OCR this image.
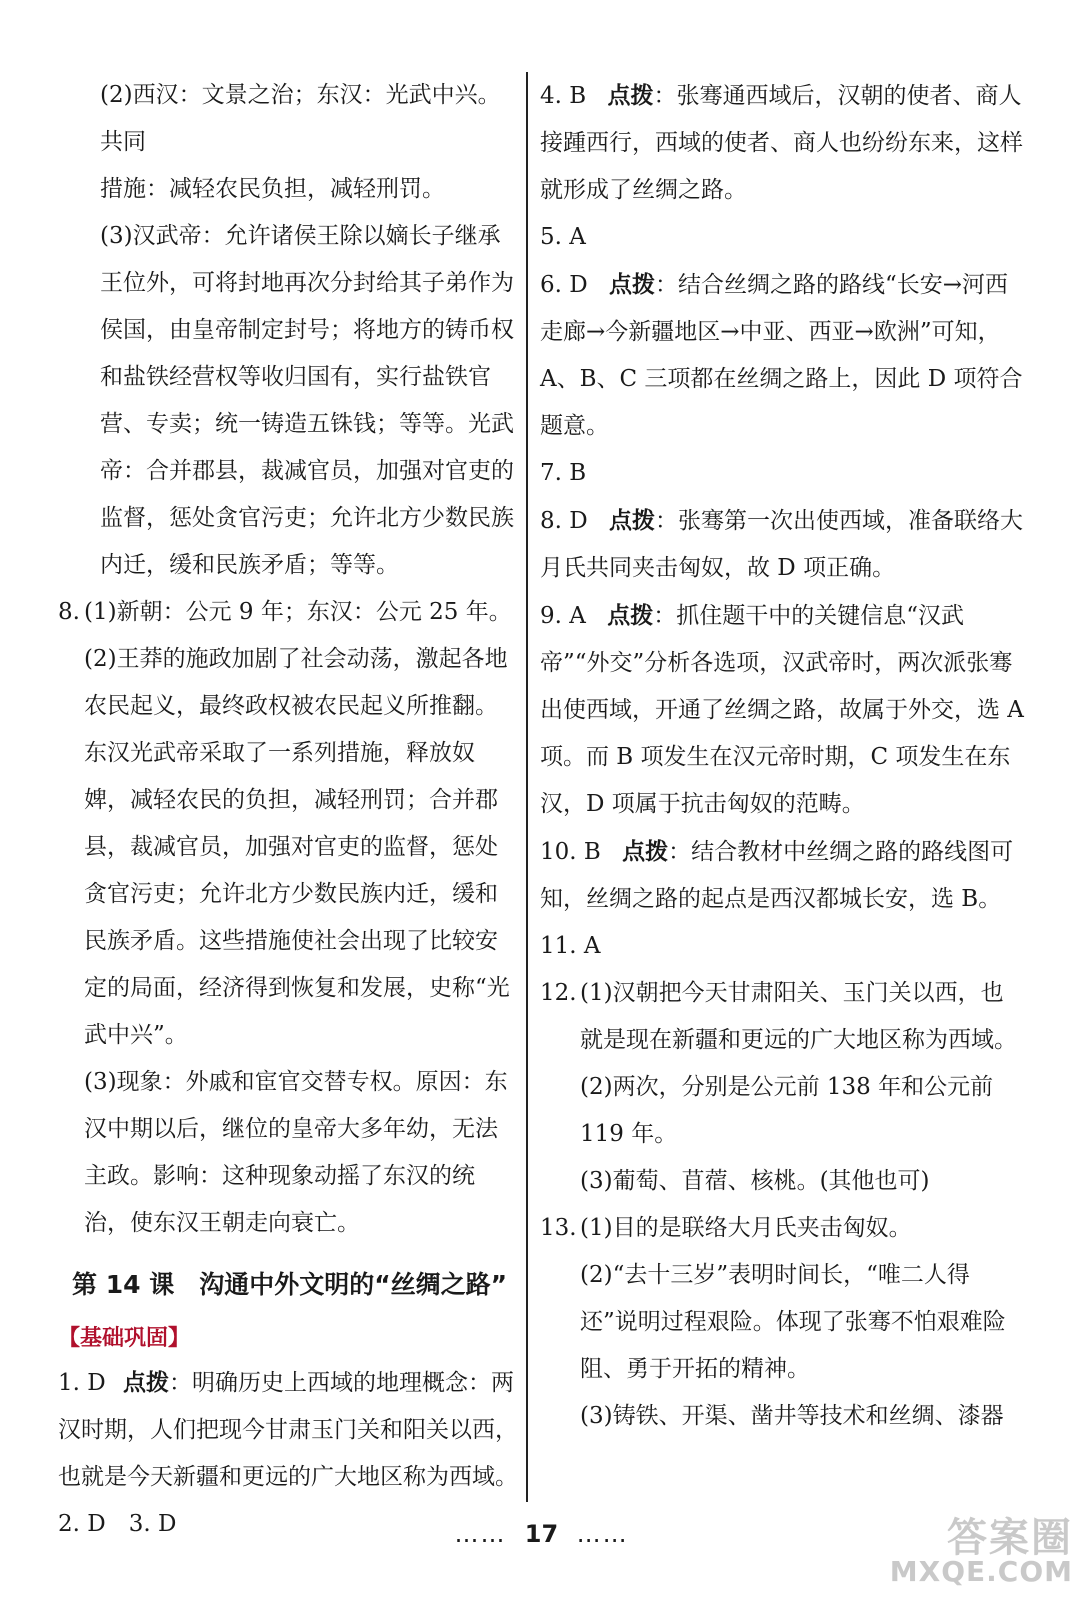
(2)西汉：文景之治；东汉：光武中兴。共同
措施：减轻农民负担，减轻刑罚。
(3)汉武帝：允许诸侯王除以嫡长子继承王位外，可将封地再次分封给其子弟作为侯国，由皇帝制定封号；将地方的铸币权和盐铁经营权等收归国有，实行盐铁官营、专卖；统一铸造五铢钱；等等。光武帝：合并郡县，裁减官员，加强对官吏的监督，惩处贪官污吏；允许北方少数民族内迁，缓和民族矛盾；等等。
8. (1)新朝：公元 9 年；东汉：公元 25 年。
(2)王莽的施政加剧了社会动荡，激起各地农民起义，最终政权被农民起义所推翻。东汉光武帝采取了一系列措施，释放奴婢，减轻农民的负担，减轻刑罚；合并郡县，裁减官员，加强对官吏的监督，惩处贪官污吏；允许北方少数民族内迁，缓和民族矛盾。这些措施使社会出现了比较安定的局面，经济得到恢复和发展，史称“光武中兴”。
(3)现象：外戚和宦官交替专权。原因：东汉中期以后，继位的皇帝大多年幼，无法主政。影响：这种现象动摇了东汉的统治，使东汉王朝走向衰亡。
第 14 课　沟通中外文明的“丝绸之路”
【基础巩固】
1. D 点拨：明确历史上西域的地理概念：两汉时期，人们把现今甘肃玉门关和阳关以西，也就是今天新疆和更远的广大地区称为西域。
2. D　3. D
4. B 点拨：张骞通西域后，汉朝的使者、商人接踵西行，西域的使者、商人也纷纷东来，这样就形成了丝绸之路。
5. A
6. D 点拨：结合丝绸之路的路线“长安→河西走廊→今新疆地区→中亚、西亚→欧洲”可知，A、B、C 三项都在丝绸之路上，因此 D 项符合题意。
7. B
8. D 点拨：张骞第一次出使西域，准备联络大月氏共同夹击匈奴，故 D 项正确。
9. A 点拨：抓住题干中的关键信息“汉武帝”“外交”分析各选项，汉武帝时，两次派张骞出使西域，开通了丝绸之路，故属于外交，选 A 项。而 B 项发生在汉元帝时期，C 项发生在东汉，D 项属于抗击匈奴的范畴。
10. B 点拨：结合教材中丝绸之路的路线图可知，丝绸之路的起点是西汉都城长安，选 B。
11. A
12. (1)汉朝把今天甘肃阳关、玉门关以西，也就是现在新疆和更远的广大地区称为西域。
(2)两次，分别是公元前 138 年和公元前 119 年。
(3)葡萄、苜蓿、核桃。(其他也可)
13. (1)目的是联络大月氏夹击匈奴。
(2)“去十三岁”表明时间长，“唯二人得还”说明过程艰险。体现了张骞不怕艰难险阻、勇于开拓的精神。
(3)铸铁、开渠、凿井等技术和丝绸、漆器
…… 17 ……	答案圈
MXQE.COM
